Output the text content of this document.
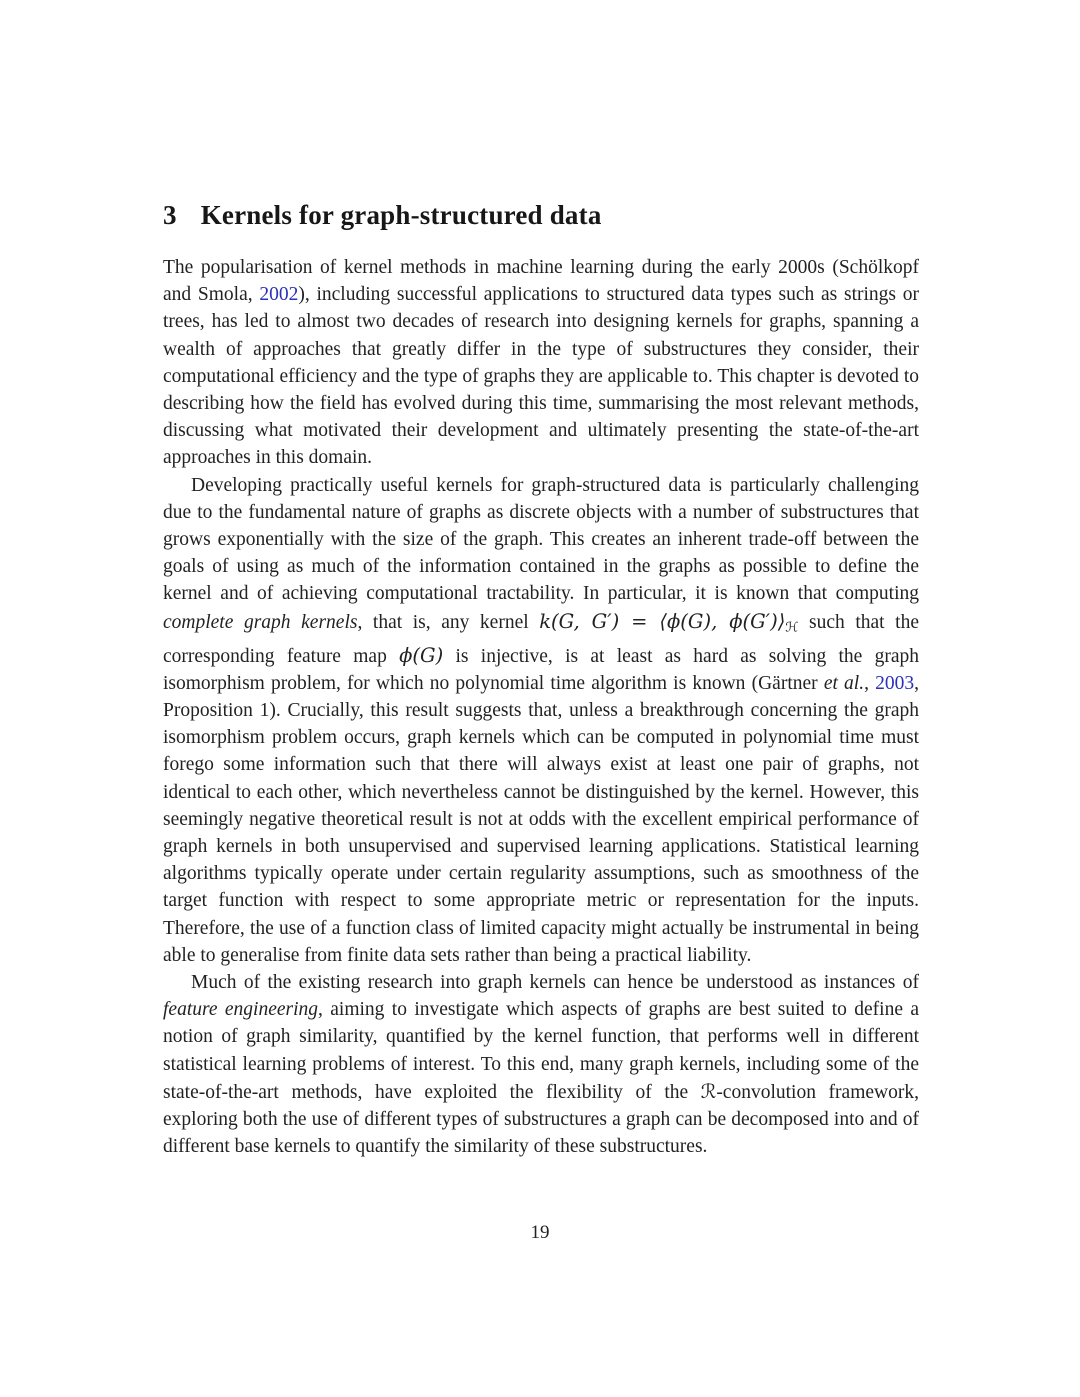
3 Kernels for graph-structured data

The popularisation of kernel methods in machine learning during the early 2000s (Schölkopf and Smola, 2002), including successful applications to structured data types such as strings or trees, has led to almost two decades of research into designing kernels for graphs, spanning a wealth of approaches that greatly differ in the type of substructures they consider, their computational efficiency and the type of graphs they are applicable to. This chapter is devoted to describing how the field has evolved during this time, summarising the most relevant methods, discussing what motivated their development and ultimately presenting the state-of-the-art approaches in this domain.

Developing practically useful kernels for graph-structured data is particularly challenging due to the fundamental nature of graphs as discrete objects with a number of substructures that grows exponentially with the size of the graph. This creates an inherent trade-off between the goals of using as much of the information contained in the graphs as possible to define the kernel and of achieving computational tractability. In particular, it is known that computing complete graph kernels, that is, any kernel k(G, G′) = ⟨ϕ(G), ϕ(G′)⟩ℋ such that the corresponding feature map ϕ(G) is injective, is at least as hard as solving the graph isomorphism problem, for which no polynomial time algorithm is known (Gärtner et al., 2003, Proposition 1). Crucially, this result suggests that, unless a breakthrough concerning the graph isomorphism problem occurs, graph kernels which can be computed in polynomial time must forego some information such that there will always exist at least one pair of graphs, not identical to each other, which nevertheless cannot be distinguished by the kernel. However, this seemingly negative theoretical result is not at odds with the excellent empirical performance of graph kernels in both unsupervised and supervised learning applications. Statistical learning algorithms typically operate under certain regularity assumptions, such as smoothness of the target function with respect to some appropriate metric or representation for the inputs. Therefore, the use of a function class of limited capacity might actually be instrumental in being able to generalise from finite data sets rather than being a practical liability.

Much of the existing research into graph kernels can hence be understood as instances of feature engineering, aiming to investigate which aspects of graphs are best suited to define a notion of graph similarity, quantified by the kernel function, that performs well in different statistical learning problems of interest. To this end, many graph kernels, including some of the state-of-the-art methods, have exploited the flexibility of the ℛ-convolution framework, exploring both the use of different types of substructures a graph can be decomposed into and of different base kernels to quantify the similarity of these substructures.

19
